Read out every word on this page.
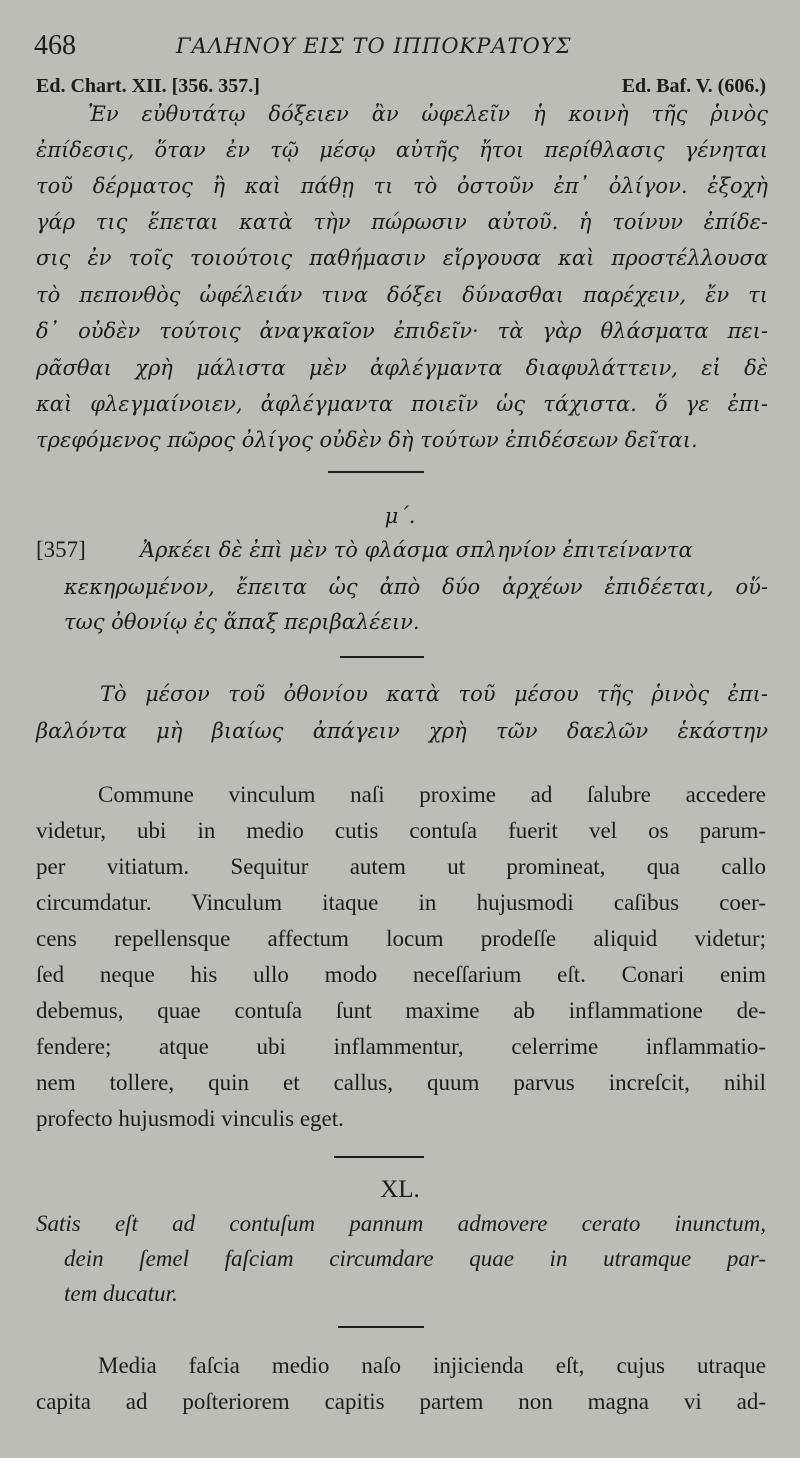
468	ΓΑΛΗΝΟΥ ΕΙΣ ΤΟ ΙΠΠΟΚΡΑΤΟΥΣ
Ed. Chart. XII. [356. 357.]	Ed. Baf. V. (606.)
Ἐν εὐθυτάτῳ δόξειεν ἂν ὠφελεῖν ἡ κοινὴ τῆς ῥινὸς
ἐπίδεσις, ὅταν ἐν τῷ μέσῳ αὐτῆς ἤτοι περίθλασις γένηται
τοῦ δέρματος ἢ καὶ πάθῃ τι τὸ ὀστοῦν ἐπ᾽ ὀλίγον. ἐξοχὴ
γάρ τις ἕπεται κατὰ τὴν πώρωσιν αὐτοῦ. ἡ τοίνυν ἐπίδε-
σις ἐν τοῖς τοιούτοις παθήμασιν εἴργουσα καὶ προστέλλουσα
τὸ πεπονθὸς ὠφέλειάν τινα δόξει δύνασθαι παρέχειν, ἔν τι
δ᾽ οὐδὲν τούτοις ἀναγκαῖον ἐπιδεῖν· τὰ γὰρ θλάσματα πει-
ρᾶσθαι χρὴ μάλιστα μὲν ἀφλέγμαντα διαφυλάττειν, εἰ δὲ
καὶ φλεγμαίνοιεν, ἀφλέγμαντα ποιεῖν ὡς τάχιστα. ὅ γε ἐπι-
τρεφόμενος πῶρος ὀλίγος οὐδὲν δὴ τούτων ἐπιδέσεων δεῖται.
μ΄.
[357]	Ἀρκέει δὲ ἐπὶ μὲν τὸ φλάσμα σπληνίον ἐπιτείναντα
κεκηρωμένον, ἔπειτα ὡς ἀπὸ δύο ἀρχέων ἐπιδέεται, οὕ-
τως ὀθονίῳ ἐς ἅπαξ περιβαλέειν.
Τὸ μέσον τοῦ ὀθονίου κατὰ τοῦ μέσου τῆς ῥινὸς ἐπι-
βαλόντα μὴ βιαίως ἀπάγειν χρὴ τῶν δαελῶν ἑκάστην
Commune vinculum naſi proxime ad ſalubre accedere
videtur, ubi in medio cutis contuſa fuerit vel os parum-
per vitiatum. Sequitur autem ut promineat, qua callo
circumdatur. Vinculum itaque in hujusmodi caſibus coer-
cens repellensque affectum locum prodeſſe aliquid videtur;
ſed neque his ullo modo neceſſarium eſt. Conari enim
debemus, quae contuſa ſunt maxime ab inflammatione de-
fendere; atque ubi inflammentur, celerrime inflammatio-
nem tollere, quin et callus, quum parvus increſcit, nihil
profecto hujusmodi vinculis eget.
XL.
Satis eſt ad contuſum pannum admovere cerato inunctum,
dein ſemel faſciam circumdare quae in utramque par-
tem ducatur.
Media faſcia medio naſo injicienda eſt, cujus utraque
capita ad poſteriorem capitis partem non magna vi ad-
